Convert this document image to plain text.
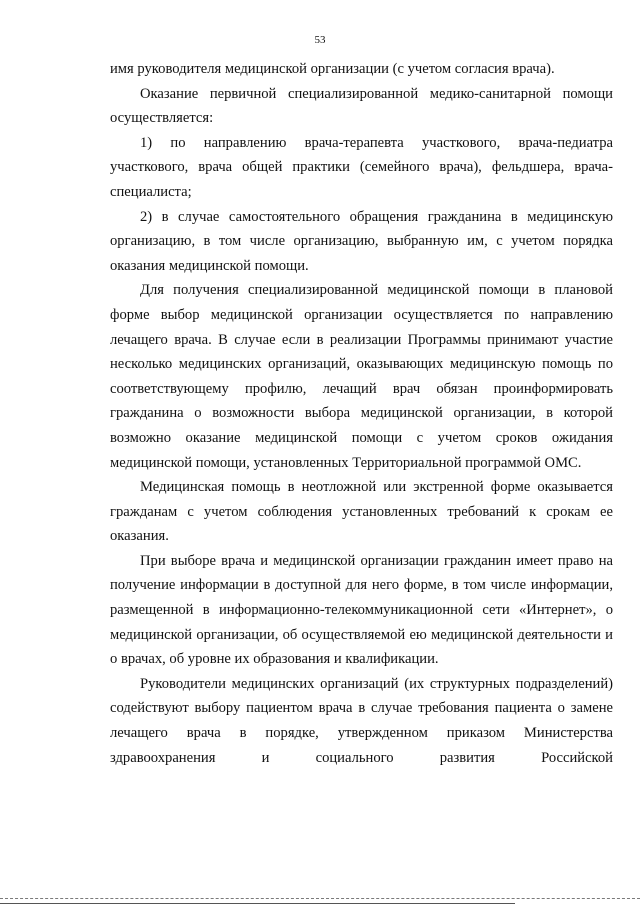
53

имя руководителя медицинской организации (с учетом согласия врача).

Оказание первичной специализированной медико-санитарной помощи осуществляется:

1) по направлению врача-терапевта участкового, врача-педиатра участкового, врача общей практики (семейного врача), фельдшера, врача-специалиста;

2) в случае самостоятельного обращения гражданина в медицинскую организацию, в том числе организацию, выбранную им, с учетом порядка оказания медицинской помощи.

Для получения специализированной медицинской помощи в плановой форме выбор медицинской организации осуществляется по направлению лечащего врача. В случае если в реализации Программы принимают участие несколько медицинских организаций, оказывающих медицинскую помощь по соответствующему профилю, лечащий врач обязан проинформировать гражданина о возможности выбора медицинской организации, в которой возможно оказание медицинской помощи с учетом сроков ожидания медицинской помощи, установленных Территориальной программой ОМС.

Медицинская помощь в неотложной или экстренной форме оказывается гражданам с учетом соблюдения установленных требований к срокам ее оказания.

При выборе врача и медицинской организации гражданин имеет право на получение информации в доступной для него форме, в том числе информации, размещенной в информационно-телекоммуникационной сети «Интернет», о медицинской организации, об осуществляемой ею медицинской деятельности и о врачах, об уровне их образования и квалификации.

Руководители медицинских организаций (их структурных подразделений) содействуют выбору пациентом врача в случае требования пациента о замене лечащего врача в порядке, утвержденном приказом Министерства здравоохранения и социального развития Российской
